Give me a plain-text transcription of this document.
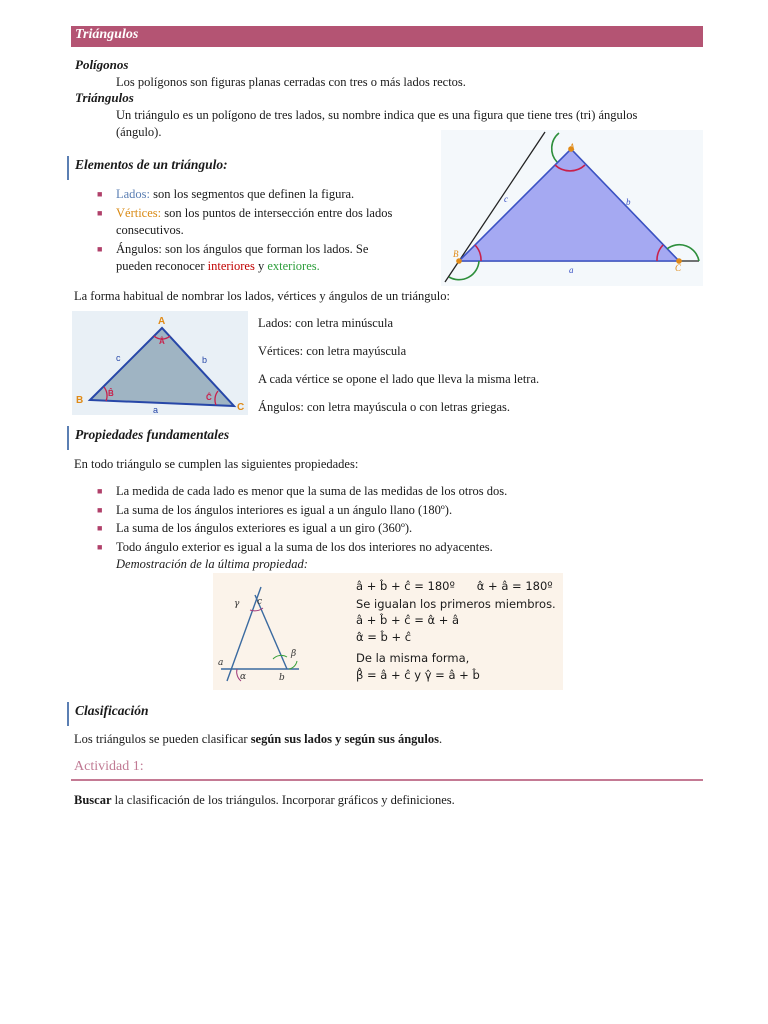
Triángulos
Polígonos
Los polígonos son figuras planas cerradas con tres o más lados rectos.
Triángulos
Un triángulo es un polígono de tres lados, su nombre indica que es una figura que tiene tres (tri) ángulos
(ángulo).
Elementos de un triángulo:
■ Lados: son los segmentos que definen la figura.
■ Vértices: son los puntos de intersección entre dos lados
consecutivos.
■ Ángulos: son los ángulos que forman los lados. Se
pueden reconocer interiores y exteriores.
A
B
C
c	b
a
La forma habitual de nombrar los lados, vértices y ángulos de un triángulo:
A
B
C
c	b
a
Â
B̂	Ĉ
Lados: con letra minúscula
Vértices: con letra mayúscula
A cada vértice se opone el lado que lleva la misma letra.
Ángulos: con letra mayúscula o con letras griegas.
Propiedades fundamentales
En todo triángulo se cumplen las siguientes propiedades:
■ La medida de cada lado es menor que la suma de las medidas de los otros dos.
■ La suma de los ángulos interiores es igual a un ángulo llano (180º).
■ La suma de los ángulos exteriores es igual a un giro (360º).
■ Todo ángulo exterior es igual a la suma de los dos interiores no adyacentes.
Demostración de la última propiedad:
γ c
β
a
α	b
â + b̂ + ĉ = 180º      α̂ + â = 180º
Se igualan los primeros miembros.
â + b̂ + ĉ = α̂ + â
α̂ = b̂ + ĉ
De la misma forma,
β̂ = â + ĉ y γ̂ = â + b̂
Clasificación
Los triángulos se pueden clasificar según sus lados y según sus ángulos.
Actividad 1:
Buscar la clasificación de los triángulos. Incorporar gráficos y definiciones.
